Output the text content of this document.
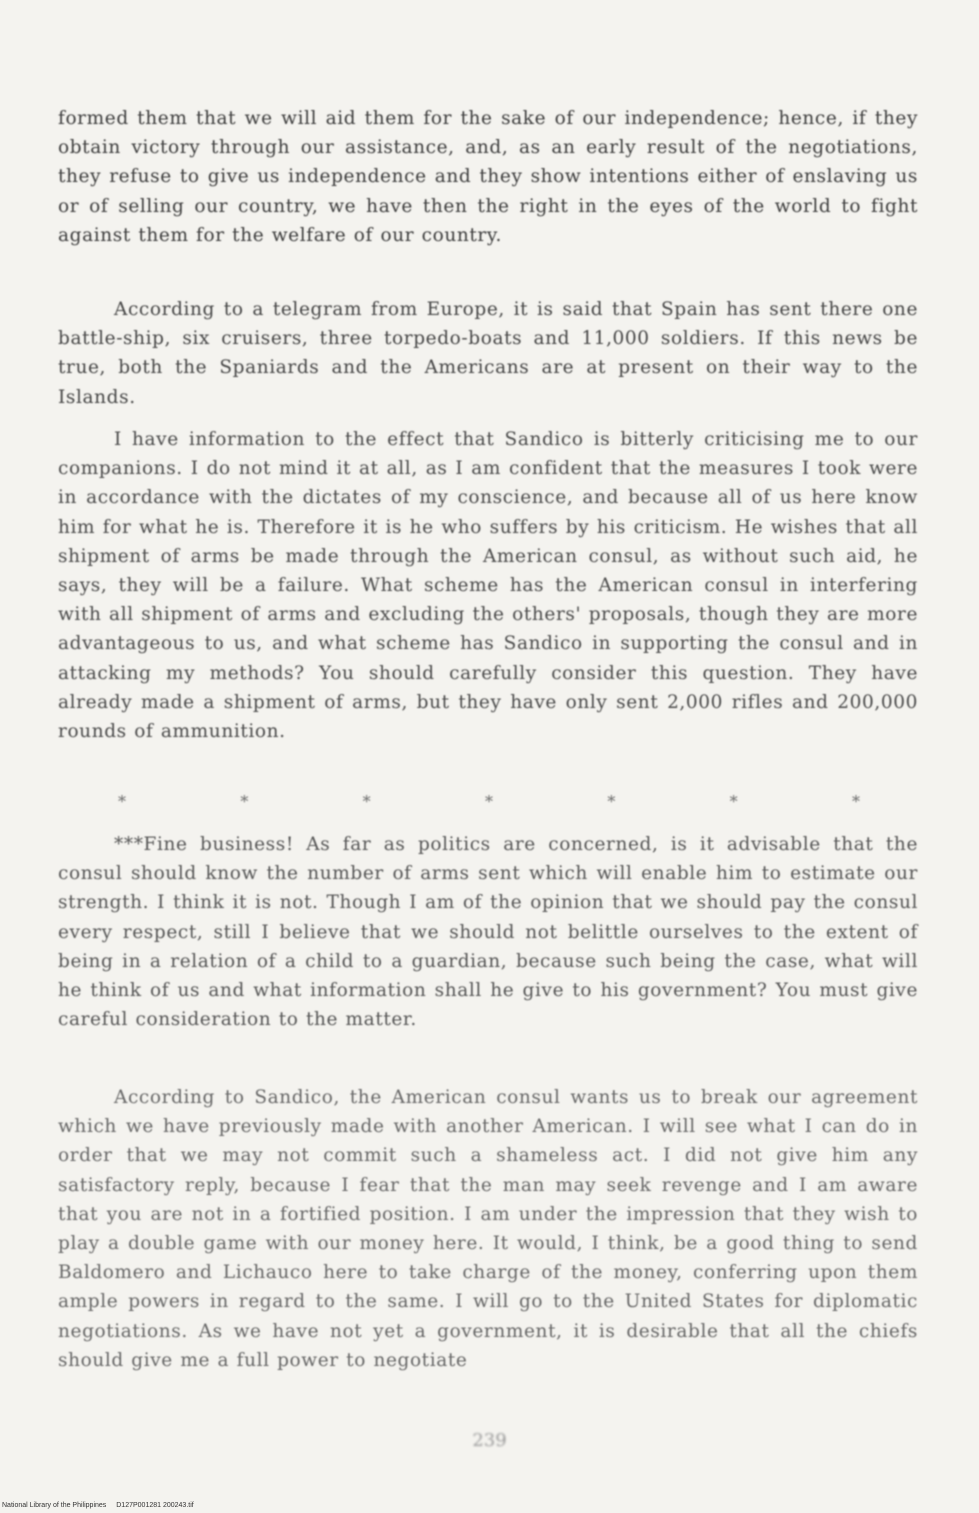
formed them that we will aid them for the sake of our independence; hence, if they obtain victory through our assistance, and, as an early result of the negotiations, they refuse to give us independence and they show intentions either of enslaving us or of selling our country, we have then the right in the eyes of the world to fight against them for the welfare of our country.

According to a telegram from Europe, it is said that Spain has sent there one battle-ship, six cruisers, three torpedo-boats and 11,000 soldiers. If this news be true, both the Spaniards and the Americans are at present on their way to the Islands.

I have information to the effect that Sandico is bitterly criticising me to our companions. I do not mind it at all, as I am confident that the measures I took were in accordance with the dictates of my conscience, and because all of us here know him for what he is. Therefore it is he who suffers by his criticism. He wishes that all shipment of arms be made through the American consul, as without such aid, he says, they will be a failure. What scheme has the American consul in interfering with all shipment of arms and excluding the others' proposals, though they are more advantageous to us, and what scheme has Sandico in supporting the consul and in attacking my methods? You should carefully consider this question. They have already made a shipment of arms, but they have only sent 2,000 rifles and 200,000 rounds of ammunition.

*	*	*	*	*	*	*

***Fine business! As far as politics are concerned, is it advisable that the consul should know the number of arms sent which will enable him to estimate our strength. I think it is not. Though I am of the opinion that we should pay the consul every respect, still I believe that we should not belittle ourselves to the extent of being in a relation of a child to a guardian, because such being the case, what will he think of us and what information shall he give to his government? You must give careful consideration to the matter.

According to Sandico, the American consul wants us to break our agreement which we have previously made with another American. I will see what I can do in order that we may not commit such a shameless act. I did not give him any satisfactory reply, because I fear that the man may seek revenge and I am aware that you are not in a fortified position. I am under the impression that they wish to play a double game with our money here. It would, I think, be a good thing to send Baldomero and Lichauco here to take charge of the money, conferring upon them ample powers in regard to the same. I will go to the United States for diplomatic negotiations. As we have not yet a government, it is desirable that all the chiefs should give me a full power to negotiate

239
National Library of the Philippines D127P001281 200243.tif
